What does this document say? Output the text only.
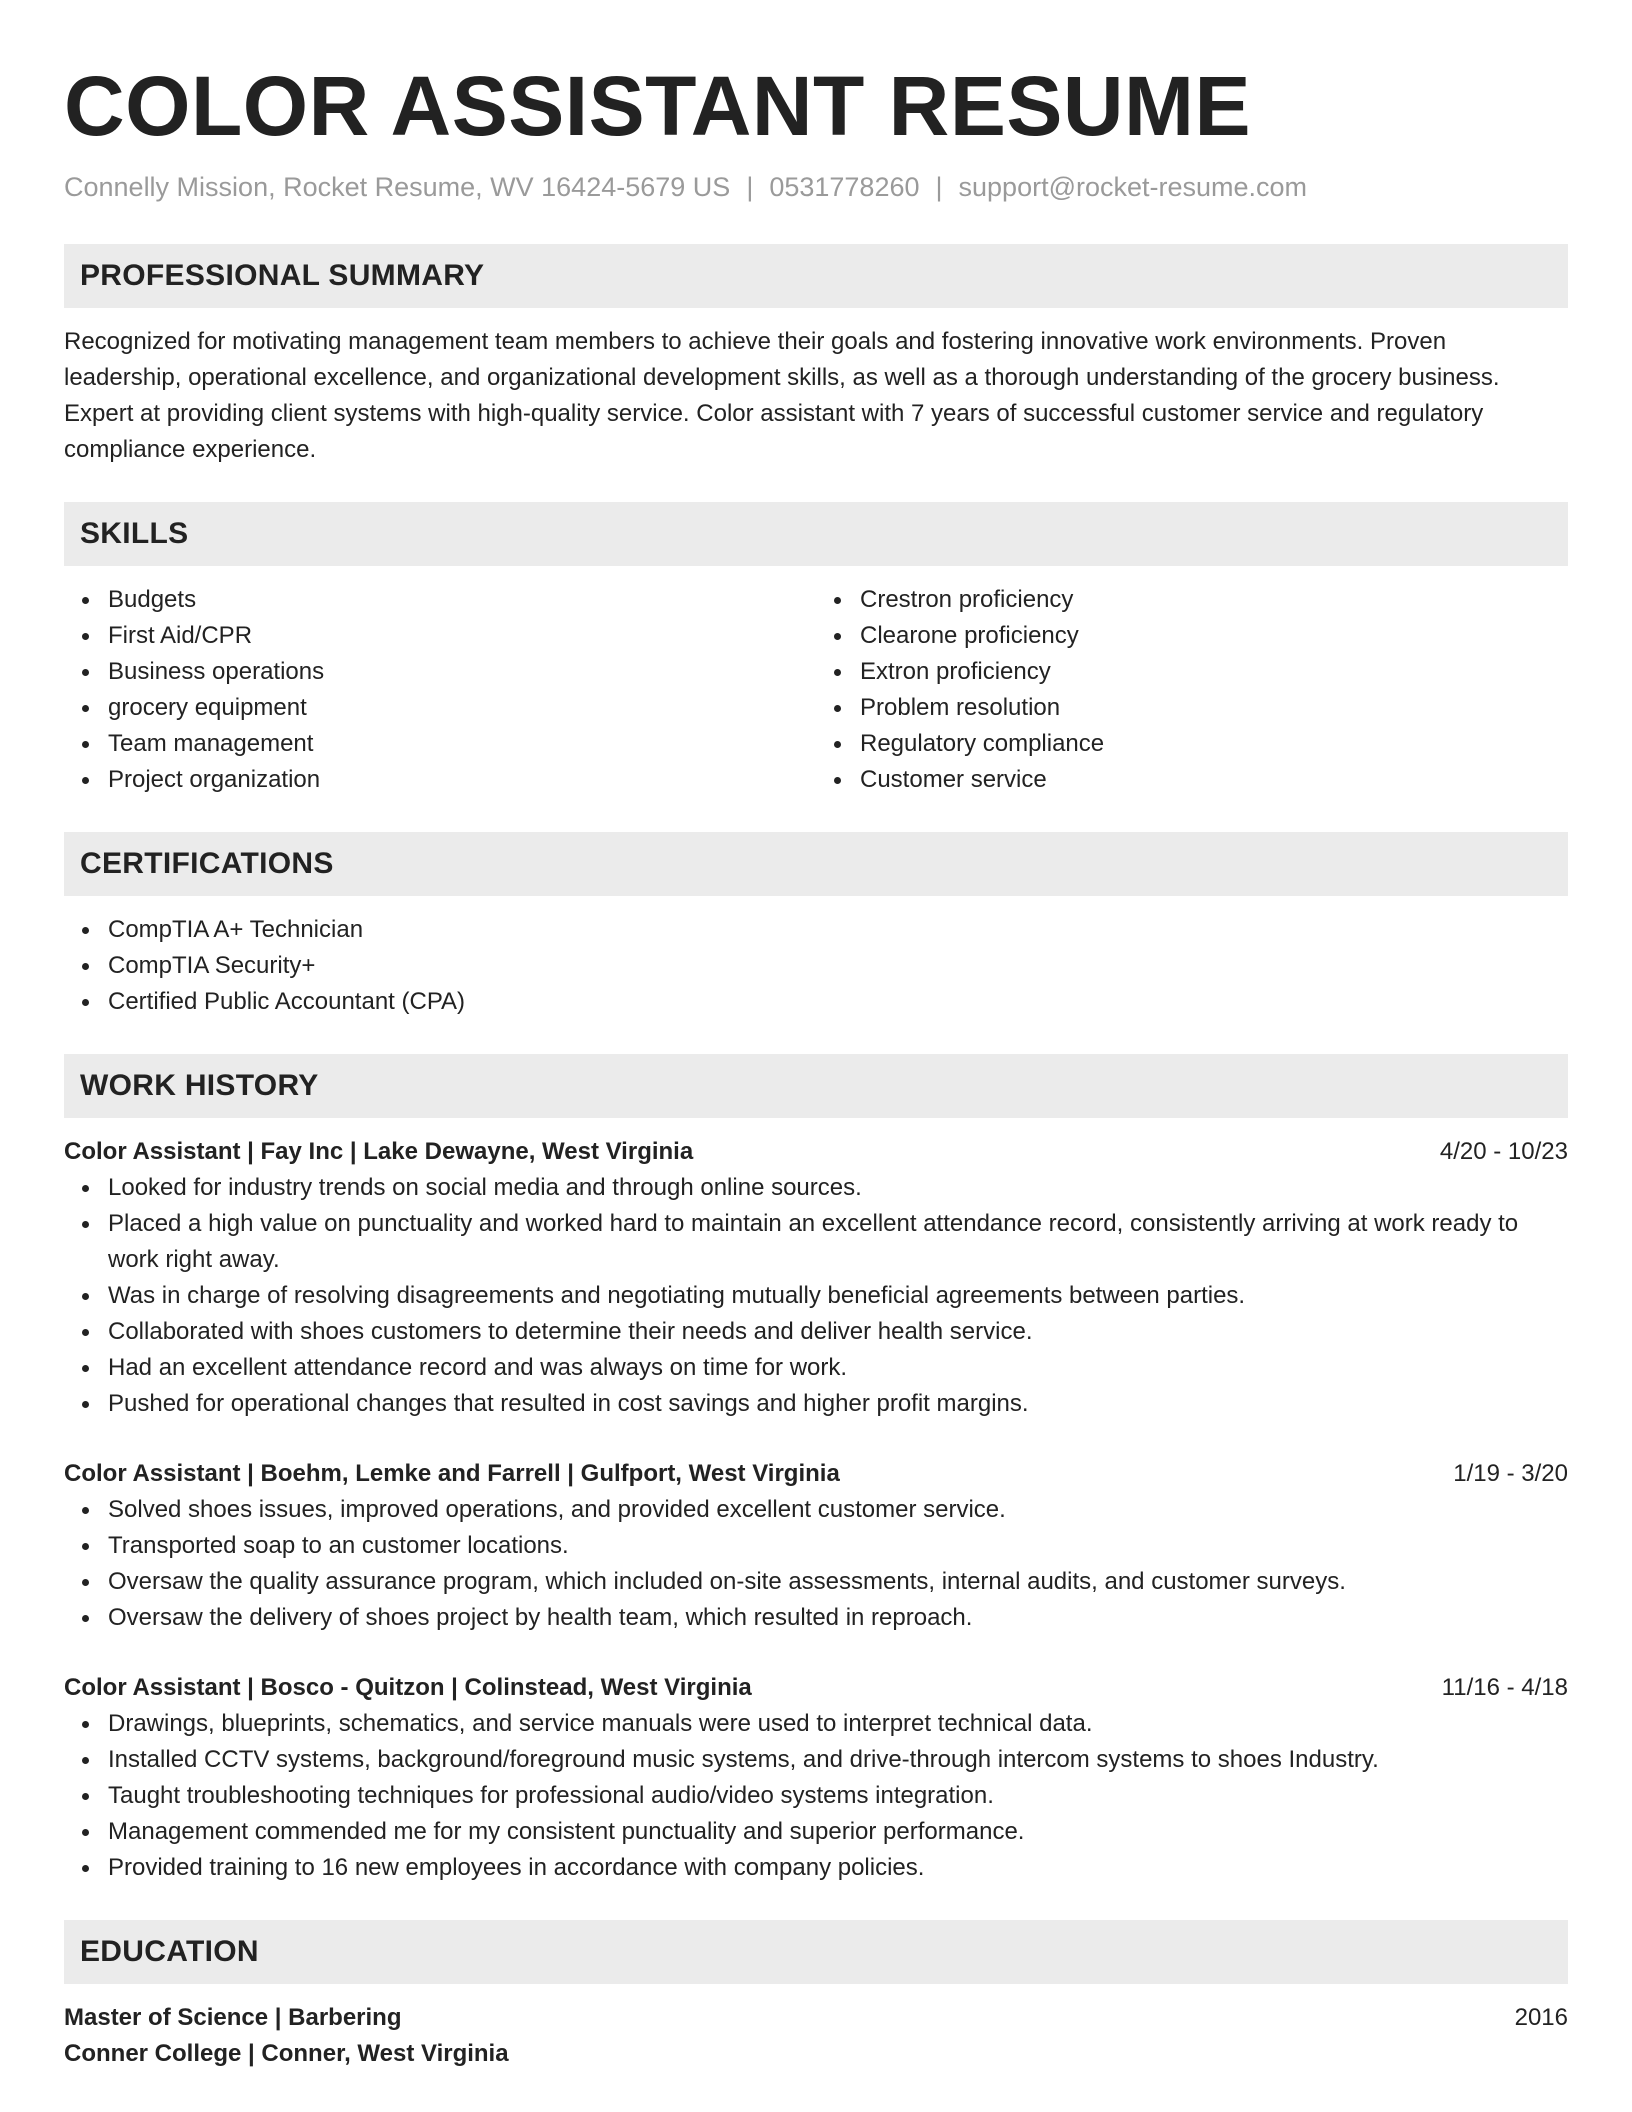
COLOR ASSISTANT RESUME
Connelly Mission, Rocket Resume, WV 16424-5679 US | 0531778260 | support@rocket-resume.com
PROFESSIONAL SUMMARY

Recognized for motivating management team members to achieve their goals and fostering innovative work environments. Proven leadership, operational excellence, and organizational development skills, as well as a thorough understanding of the grocery business. Expert at providing client systems with high-quality service. Color assistant with 7 years of successful customer service and regulatory compliance experience.

SKILLS
Budgets
First Aid/CPR
Business operations
grocery equipment
Team management
Project organization
Crestron proficiency
Clearone proficiency
Extron proficiency
Problem resolution
Regulatory compliance
Customer service
CERTIFICATIONS
CompTIA A+ Technician
CompTIA Security+
Certified Public Accountant (CPA)
WORK HISTORY
Color Assistant | Fay Inc | Lake Dewayne, West Virginia	4/20 - 10/23
Looked for industry trends on social media and through online sources.
Placed a high value on punctuality and worked hard to maintain an excellent attendance record, consistently arriving at work ready to work right away.
Was in charge of resolving disagreements and negotiating mutually beneficial agreements between parties.
Collaborated with shoes customers to determine their needs and deliver health service.
Had an excellent attendance record and was always on time for work.
Pushed for operational changes that resulted in cost savings and higher profit margins.
Color Assistant | Boehm, Lemke and Farrell | Gulfport, West Virginia	1/19 - 3/20
Solved shoes issues, improved operations, and provided excellent customer service.
Transported soap to an customer locations.
Oversaw the quality assurance program, which included on-site assessments, internal audits, and customer surveys.
Oversaw the delivery of shoes project by health team, which resulted in reproach.
Color Assistant | Bosco - Quitzon | Colinstead, West Virginia	11/16 - 4/18
Drawings, blueprints, schematics, and service manuals were used to interpret technical data.
Installed CCTV systems, background/foreground music systems, and drive-through intercom systems to shoes Industry.
Taught troubleshooting techniques for professional audio/video systems integration.
Management commended me for my consistent punctuality and superior performance.
Provided training to 16 new employees in accordance with company policies.
EDUCATION
Master of Science | Barbering	2016
Conner College | Conner, West Virginia
